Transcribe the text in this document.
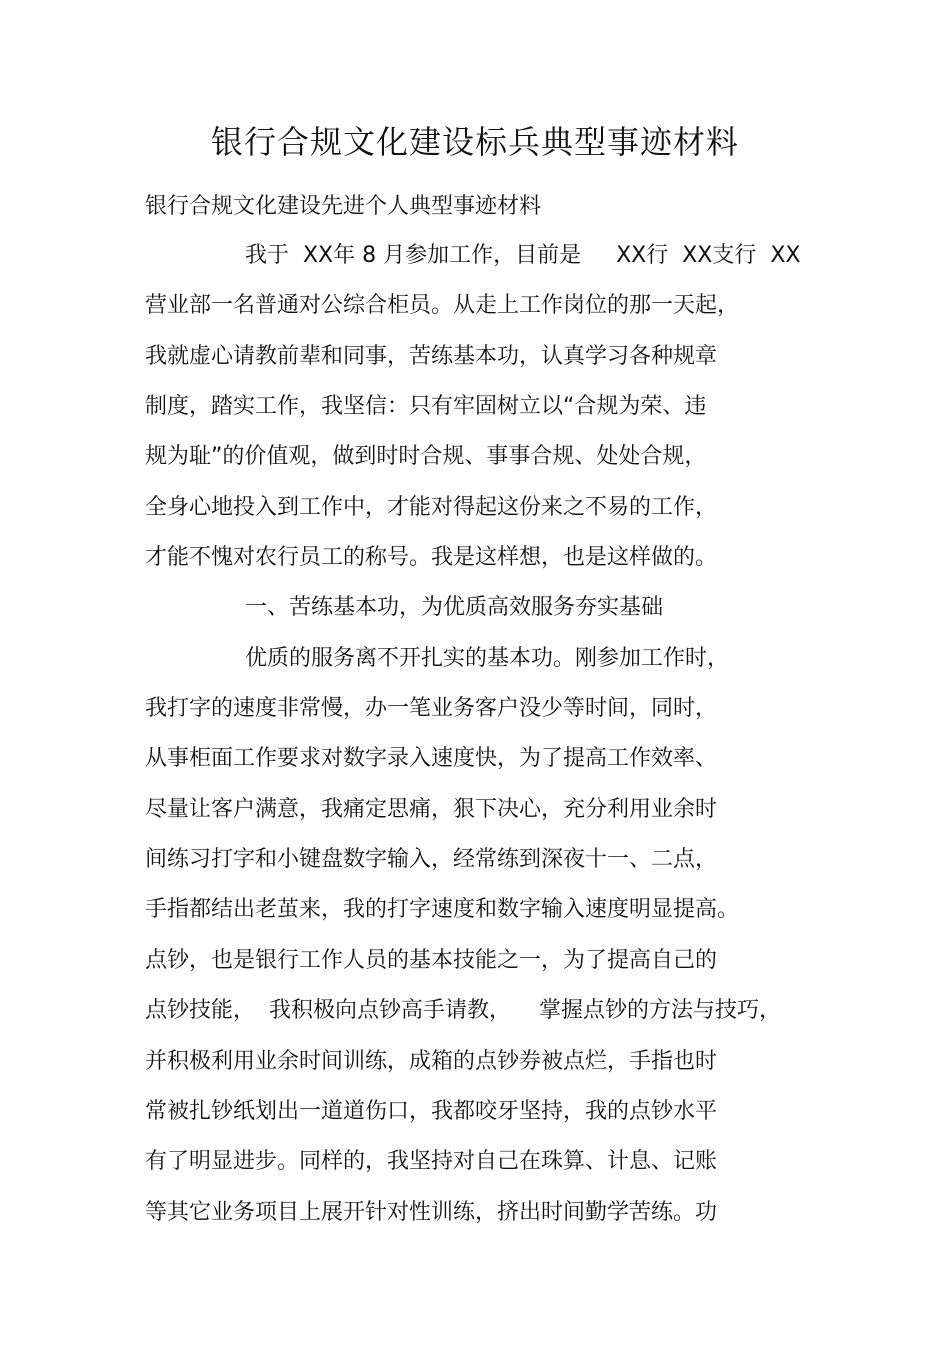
银行合规文化建设标兵典型事迹材料
银行合规文化建设先进个人典型事迹材料
我于  XX年 8 月参加工作，目前是     XX行  XX支行  XX
营业部一名普通对公综合柜员。从走上工作岗位的那一天起，
我就虚心请教前辈和同事，苦练基本功，认真学习各种规章
制度，踏实工作，我坚信：只有牢固树立以“合规为荣、违
规为耻”的价值观，做到时时合规、事事合规、处处合规，
全身心地投入到工作中，才能对得起这份来之不易的工作，
才能不愧对农行员工的称号。我是这样想，也是这样做的。
一、苦练基本功，为优质高效服务夯实基础
优质的服务离不开扎实的基本功。刚参加工作时，
我打字的速度非常慢，办一笔业务客户没少等时间，同时，
从事柜面工作要求对数字录入速度快，为了提高工作效率、
尽量让客户满意，我痛定思痛，狠下决心，充分利用业余时
间练习打字和小键盘数字输入，经常练到深夜十一、二点，
手指都结出老茧来，我的打字速度和数字输入速度明显提高。
点钞，也是银行工作人员的基本技能之一，为了提高自己的
点钞技能，  我积极向点钞高手请教，    掌握点钞的方法与技巧，
并积极利用业余时间训练，成箱的点钞券被点烂，手指也时
常被扎钞纸划出一道道伤口，我都咬牙坚持，我的点钞水平
有了明显进步。同样的，我坚持对自己在珠算、计息、记账
等其它业务项目上展开针对性训练，挤出时间勤学苦练。功
